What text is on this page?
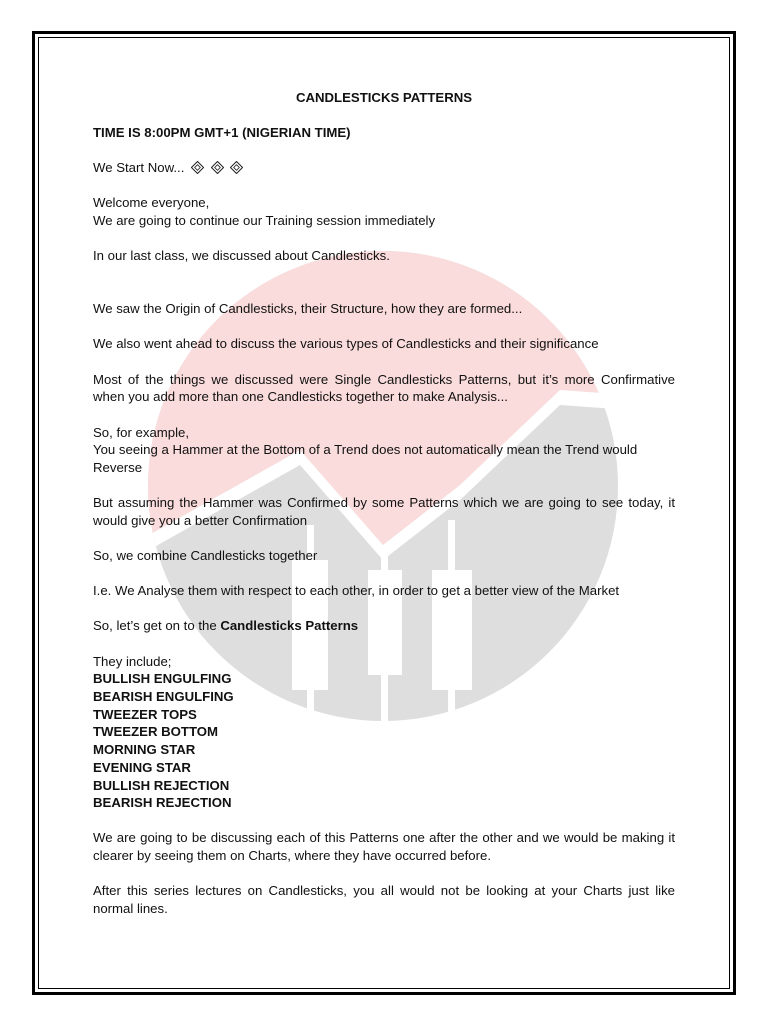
CANDLESTICKS PATTERNS

TIME IS 8:00PM GMT+1 (NIGERIAN TIME)

We Start Now...

Welcome everyone,
We are going to continue our Training session immediately

In our last class, we discussed about Candlesticks.

We saw the Origin of Candlesticks, their Structure, how they are formed...

We also went ahead to discuss the various types of Candlesticks and their significance

Most of the things we discussed were Single Candlesticks Patterns, but it’s more Confirmative when you add more than one Candlesticks together to make Analysis...

So, for example,
You seeing a Hammer at the Bottom of a Trend does not automatically mean the Trend would Reverse

But assuming the Hammer was Confirmed by some Patterns which we are going to see today, it would give you a better Confirmation

So, we combine Candlesticks together

I.e. We Analyse them with respect to each other, in order to get a better view of the Market

So, let’s get on to the Candlesticks Patterns

They include;
BULLISH ENGULFING
BEARISH ENGULFING
TWEEZER TOPS
TWEEZER BOTTOM
MORNING STAR
EVENING STAR
BULLISH REJECTION
BEARISH REJECTION

We are going to be discussing each of this Patterns one after the other and we would be making it clearer by seeing them on Charts, where they have occurred before.

After this series lectures on Candlesticks, you all would not be looking at your Charts just like normal lines.
